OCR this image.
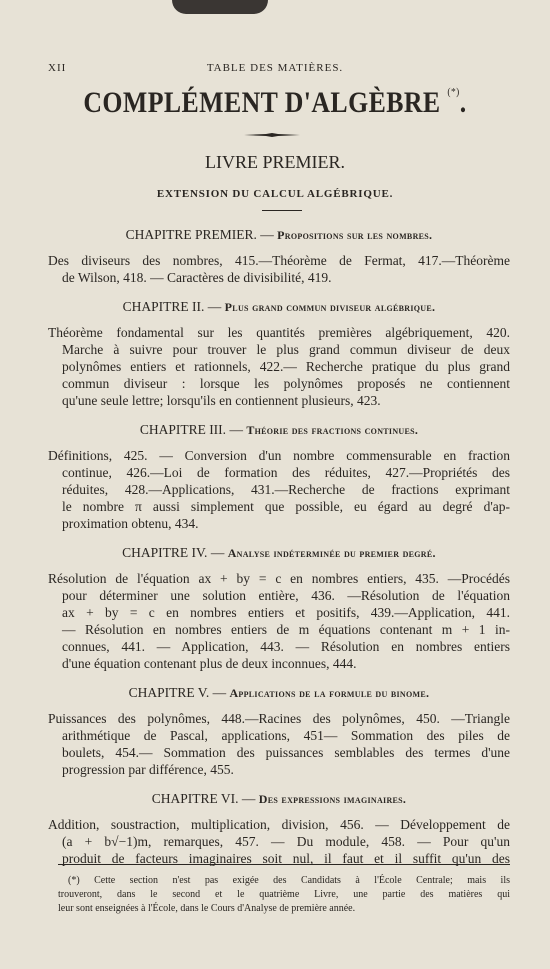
XII	TABLE DES MATIÈRES.
COMPLÉMENT D'ALGÈBRE (*).
LIVRE PREMIER.
EXTENSION DU CALCUL ALGÉBRIQUE.
CHAPITRE PREMIER. — Propositions sur les nombres.
Des diviseurs des nombres, 415.—Théorème de Fermat, 417.—Théorème
de Wilson, 418. — Caractères de divisibilité, 419.
CHAPITRE II. — Plus grand commun diviseur algébrique.
Théorème fondamental sur les quantités premières algébriquement, 420.
Marche à suivre pour trouver le plus grand commun diviseur de deux
polynômes entiers et rationnels, 422.— Recherche pratique du plus grand
commun diviseur : lorsque les polynômes proposés ne contiennent
qu'une seule lettre; lorsqu'ils en contiennent plusieurs, 423.
CHAPITRE III. — Théorie des fractions continues.
Définitions, 425. — Conversion d'un nombre commensurable en fraction
continue, 426.—Loi de formation des réduites, 427.—Propriétés des
réduites, 428.—Applications, 431.—Recherche de fractions exprimant
le nombre π aussi simplement que possible, eu égard au degré d'ap-
proximation obtenu, 434.
CHAPITRE IV. — Analyse indéterminée du premier degré.
Résolution de l'équation ax + by = c en nombres entiers, 435. —Procédés
pour déterminer une solution entière, 436. —Résolution de l'équation
ax + by = c en nombres entiers et positifs, 439.—Application, 441.
— Résolution en nombres entiers de m équations contenant m + 1 in-
connues, 441. — Application, 443. — Résolution en nombres entiers
d'une équation contenant plus de deux inconnues, 444.
CHAPITRE V. — Applications de la formule du binome.
Puissances des polynômes, 448.—Racines des polynômes, 450. —Triangle
arithmétique de Pascal, applications, 451— Sommation des piles de
boulets, 454.— Sommation des puissances semblables des termes d'une
progression par différence, 455.
CHAPITRE VI. — Des expressions imaginaires.
Addition, soustraction, multiplication, division, 456. — Développement de
(a + b√−1)m, remarques, 457. — Du module, 458. — Pour qu'un
produit de facteurs imaginaires soit nul, il faut et il suffit qu'un des
(*) Cette section n'est pas exigée des Candidats à l'École Centrale; mais ils
trouveront, dans le second et le quatrième Livre, une partie des matières qui
leur sont enseignées à l'École, dans le Cours d'Analyse de première année.
